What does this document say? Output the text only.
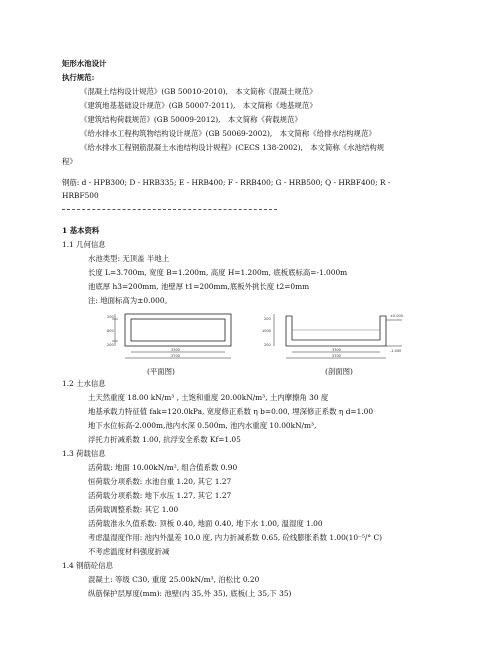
矩形水池设计
执行规范:
《混凝土结构设计规范》(GB 50010-2010),　本文简称《混凝土规范》
《建筑地基基础设计规范》(GB 50007-2011),　本文简称《地基规范》
《建筑结构荷载规范》(GB 50009-2012),　本文简称《荷载规范》
《给水排水工程构筑物结构设计规范》(GB 50069-2002),　本文简称《给排水结构规范》
《给水排水工程钢筋混凝土水池结构设计规程》(CECS 138-2002),　本文简称《水池结构规
程》
钢筋: d - HPB300; D - HRB335; E - HRB400; F - RRB400; G - HRB500; Q - HRBF400; R -
HRBF500
1 基本资料
1.1 几何信息
水池类型: 无顶盖 半地上
长度 L=3.700m, 宽度 B=1.200m, 高度 H=1.200m, 底板底标高=-1.000m
池底厚 h3=200mm, 池壁厚 t1=200mm,底板外挑长度 t2=0mm
注: 地面标高为±0.000。
200
800
200
3300
3700
200
1000
200
±0.000
-1.000
3300
3700
(平面图)	(剖面图)
1.2 土水信息
土天然重度 18.00 kN/m³ , 土饱和重度 20.00kN/m³, 土内摩擦角 30 度
地基承载力特征值 fak=120.0kPa, 宽度修正系数 η b=0.00, 埋深修正系数 η d=1.00
地下水位标高-2.000m,池内水深 0.500m, 池内水重度 10.00kN/m³,
浮托力折减系数 1.00, 抗浮安全系数 Kf=1.05
1.3 荷载信息
活荷载: 地面 10.00kN/m², 组合值系数 0.90
恒荷载分项系数: 水池自重 1.20, 其它 1.27
活荷载分项系数: 地下水压 1.27, 其它 1.27
活荷载调整系数: 其它 1.00
活荷载准永久值系数: 顶板 0.40, 地面 0.40, 地下水 1.00, 温湿度 1.00
考虑温湿度作用: 池内外温差 10.0 度, 内力折减系数 0.65, 砼线膨胀系数 1.00(10⁻⁵/° C)
不考虑温度材料强度折减
1.4 钢筋砼信息
混凝土: 等级 C30, 重度 25.00kN/m³, 泊松比 0.20
纵筋保护层厚度(mm): 池壁(内 35,外 35), 底板(上 35,下 35)
